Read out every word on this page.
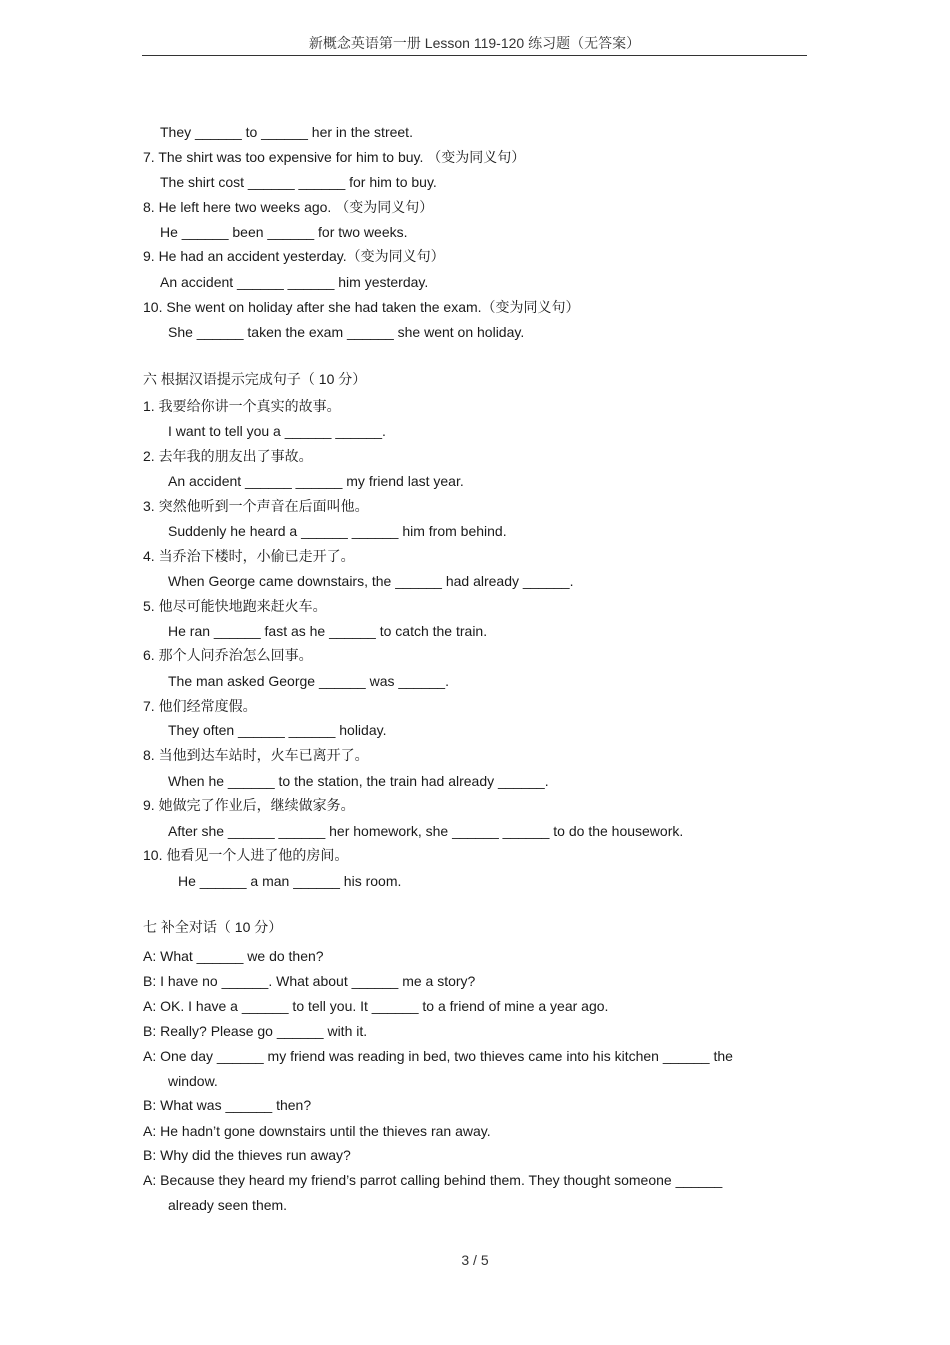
新概念英语第一册 Lesson 119-120 练习题（无答案）
They ______ to ______ her in the street.
7. The shirt was too expensive for him to buy. （变为同义句）
The shirt cost ______ ______ for him to buy.
8. He left here two weeks ago. （变为同义句）
He ______ been ______ for two weeks.
9. He had an accident yesterday.（变为同义句）
An accident ______ ______ him yesterday.
10. She went on holiday after she had taken the exam.（变为同义句）
She ______ taken the exam ______ she went on holiday.
六 根据汉语提示完成句子（ 10 分）
1. 我要给你讲一个真实的故事。
I want to tell you a ______ ______.
2. 去年我的朋友出了事故。
An accident ______ ______ my friend last year.
3. 突然他听到一个声音在后面叫他。
Suddenly he heard a ______ ______ him from behind.
4. 当乔治下楼时，小偷已走开了。
When George came downstairs, the ______ had already ______.
5. 他尽可能快地跑来赶火车。
He ran ______ fast as he ______ to catch the train.
6. 那个人问乔治怎么回事。
The man asked George ______ was ______.
7. 他们经常度假。
They often ______ ______ holiday.
8. 当他到达车站时，火车已离开了。
When he ______ to the station, the train had already ______.
9. 她做完了作业后，继续做家务。
After she ______ ______ her homework, she ______ ______ to do the housework.
10. 他看见一个人进了他的房间。
He ______ a man ______ his room.
七 补全对话（ 10 分）
A: What ______ we do then?
B: I have no ______. What about ______ me a story?
A: OK. I have a ______ to tell you. It ______ to a friend of mine a year ago.
B: Really? Please go ______ with it.
A: One day ______ my friend was reading in bed, two thieves came into his kitchen ______ the
window.
B: What was ______ then?
A: He hadn’t gone downstairs until the thieves ran away.
B: Why did the thieves run away?
A: Because they heard my friend’s parrot calling behind them. They thought someone ______
already seen them.
3 / 5
